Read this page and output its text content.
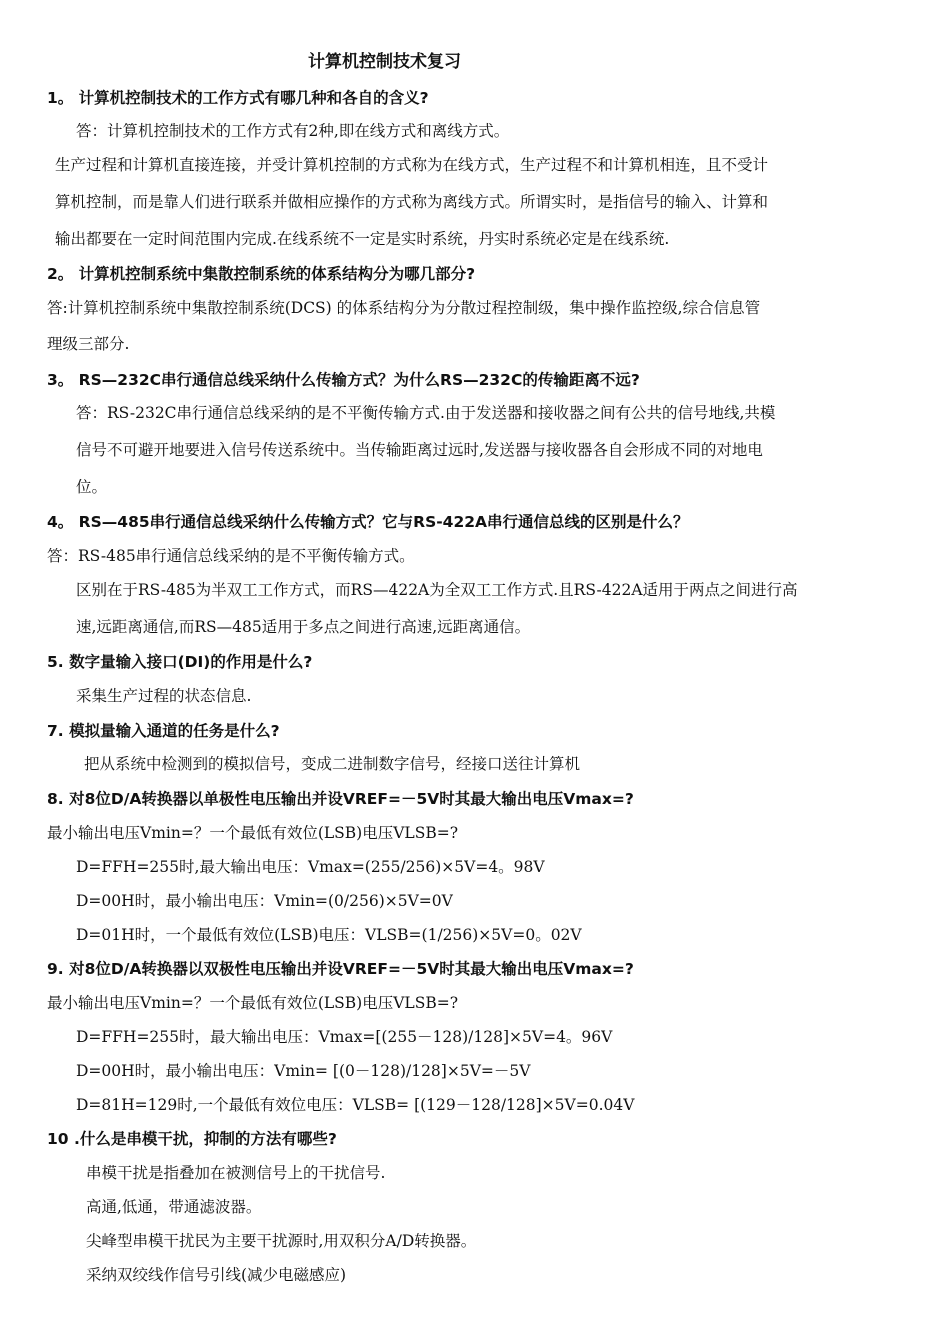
计算机控制技术复习
1。 计算机控制技术的工作方式有哪几种和各自的含义?
答：计算机控制技术的工作方式有2种,即在线方式和离线方式。
生产过程和计算机直接连接，并受计算机控制的方式称为在线方式，生产过程不和计算机相连，且不受计
算机控制，而是靠人们进行联系并做相应操作的方式称为离线方式。所谓实时，是指信号的输入、计算和
输出都要在一定时间范围内完成.在线系统不一定是实时系统，丹实时系统必定是在线系统.
2。 计算机控制系统中集散控制系统的体系结构分为哪几部分?
答:计算机控制系统中集散控制系统(DCS) 的体系结构分为分散过程控制级，集中操作监控级,综合信息管
理级三部分.
3。 RS—232C串行通信总线采纳什么传输方式？为什么RS—232C的传输距离不远?
答：RS-232C串行通信总线采纳的是不平衡传输方式.由于发送器和接收器之间有公共的信号地线,共模
信号不可避开地要进入信号传送系统中。当传输距离过远时,发送器与接收器各自会形成不同的对地电
位。
4。 RS—485串行通信总线采纳什么传输方式？它与RS-422A串行通信总线的区别是什么？
答：RS-485串行通信总线采纳的是不平衡传输方式。
区别在于RS-485为半双工工作方式，而RS—422A为全双工工作方式.且RS-422A适用于两点之间进行高
速,远距离通信,而RS—485适用于多点之间进行高速,远距离通信。
5. 数字量输入接口(DI)的作用是什么?
采集生产过程的状态信息.
7. 模拟量输入通道的任务是什么?
把从系统中检测到的模拟信号，变成二进制数字信号，经接口送往计算机
8. 对8位D/A转换器以单极性电压输出并设VREF=－5V时其最大输出电压Vmax=?
最小输出电压Vmin=？一个最低有效位(LSB)电压VLSB=?
D=FFH=255时,最大输出电压：Vmax=(255/256)×5V=4。98V
D=00H时，最小输出电压：Vmin=(0/256)×5V=0V
D=01H时，一个最低有效位(LSB)电压：VLSB=(1/256)×5V=0。02V
9. 对8位D/A转换器以双极性电压输出并设VREF=－5V时其最大输出电压Vmax=?
最小输出电压Vmin=？一个最低有效位(LSB)电压VLSB=?
D=FFH=255时，最大输出电压：Vmax=[(255－128)/128]×5V=4。96V
D=00H时，最小输出电压：Vmin= [(0－128)/128]×5V=－5V
D=81H=129时,一个最低有效位电压：VLSB= [(129－128/128]×5V=0.04V
10 .什么是串模干扰，抑制的方法有哪些?
串模干扰是指叠加在被测信号上的干扰信号.
高通,低通，带通滤波器。
尖峰型串模干扰民为主要干扰源时,用双积分A/D转换器。
采纳双绞线作信号引线(减少电磁感应)
